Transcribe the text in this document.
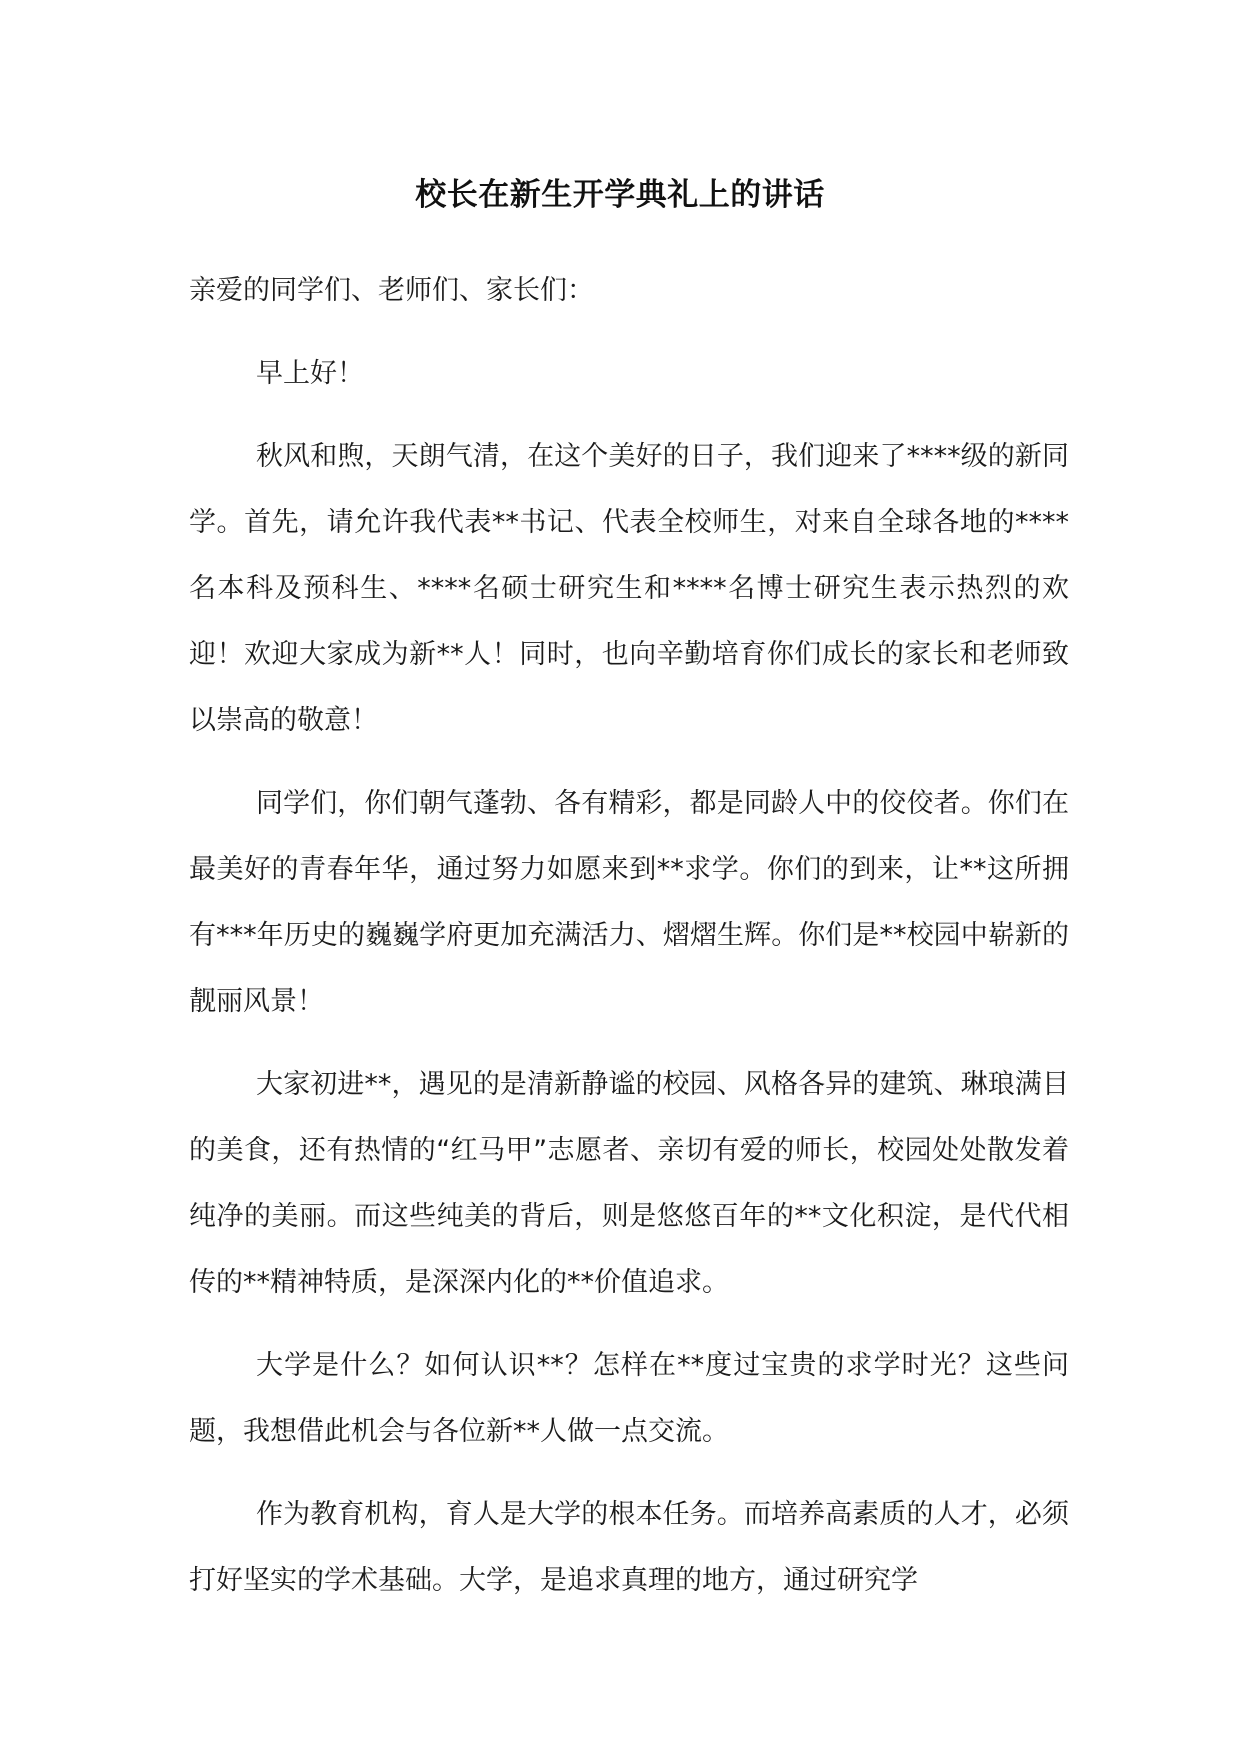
校长在新生开学典礼上的讲话

亲爱的同学们、老师们、家长们：

早上好！

秋风和煦，天朗气清，在这个美好的日子，我们迎来了****级的新同学。首先，请允许我代表**书记、代表全校师生，对来自全球各地的****名本科及预科生、****名硕士研究生和****名博士研究生表示热烈的欢迎！欢迎大家成为新**人！同时，也向辛勤培育你们成长的家长和老师致以崇高的敬意！

同学们，你们朝气蓬勃、各有精彩，都是同龄人中的佼佼者。你们在最美好的青春年华，通过努力如愿来到**求学。你们的到来，让**这所拥有***年历史的巍巍学府更加充满活力、熠熠生辉。你们是**校园中崭新的靓丽风景！

大家初进**，遇见的是清新静谧的校园、风格各异的建筑、琳琅满目的美食，还有热情的“红马甲”志愿者、亲切有爱的师长，校园处处散发着纯净的美丽。而这些纯美的背后，则是悠悠百年的**文化积淀，是代代相传的**精神特质，是深深内化的**价值追求。

大学是什么？如何认识**？怎样在**度过宝贵的求学时光？这些问题，我想借此机会与各位新**人做一点交流。

作为教育机构，育人是大学的根本任务。而培养高素质的人才，必须打好坚实的学术基础。大学，是追求真理的地方，通过研究学
